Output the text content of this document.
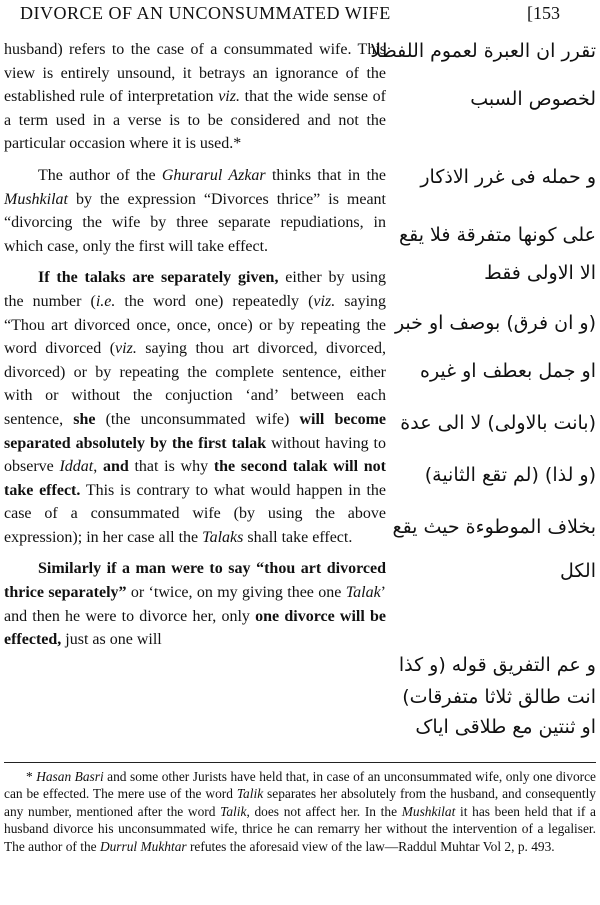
DIVORCE OF AN UNCONSUMMATED WIFE	[153

husband) refers to the case of a consummated wife. This view is entirely unsound, it betrays an ignorance of the established rule of interpretation viz. that the wide sense of a term used in a verse is to be considered and not the particular occasion where it is used.*

The author of the Ghurarul Azkar thinks that in the Mushkilat by the expression “Divorces thrice” is meant “divorcing the wife by three separate repudiations, in which case, only the first will take effect.

If the talaks are separately given, either by using the number (i.e. the word one) repeatedly (viz. saying “Thou art divorced once, once, once) or by repeating the word divorced (viz. saying thou art divorced, divorced, divorced) or by repeating the complete sentence, either with or without the conjuction ‘and’ between each sentence, she (the unconsummated wife) will become separated absolutely by the first talak without having to observe Iddat, and that is why the second talak will not take effect. This is contrary to what would happen in the case of a consummated wife (by using the above expression); in her case all the Talaks shall take effect.

Similarly if a man were to say “thou art divorced thrice separately” or ‘twice, on my giving thee one Talak’ and then he were to divorce her, only one divorce will be effected, just as one will

تقرر ان العبرة لعموم اللفظلا
لخصوص السبب
و حمله فی غرر الاذکار
علی کونها متفرقة فلا یقع
الا الاولی فقط
(و ان فرق) بوصف او خبر
او جمل بعطف او غیره
(بانت بالاولی) لا الی عدة
(و لذا) (لم تقع الثانية)
بخلاف الموطوءة حیث یقع
الكل
و عم التفریق قوله (و کذا
انت طالق ثلاثا متفرقات)
او ثنتین مع طلاقی ایاک
* Hasan Basri and some other Jurists have held that, in case of an unconsummated wife, only one divorce can be effected. The mere use of the word Talik separates her absolutely from the husband, and consequently any number, mentioned after the word Talik, does not affect her. In the Mushkilat it has been held that if a husband divorce his unconsummated wife, thrice he can remarry her without the intervention of a legaliser. The author of the Durrul Mukhtar refutes the aforesaid view of the law—Raddul Muhtar Vol 2, p. 493.
